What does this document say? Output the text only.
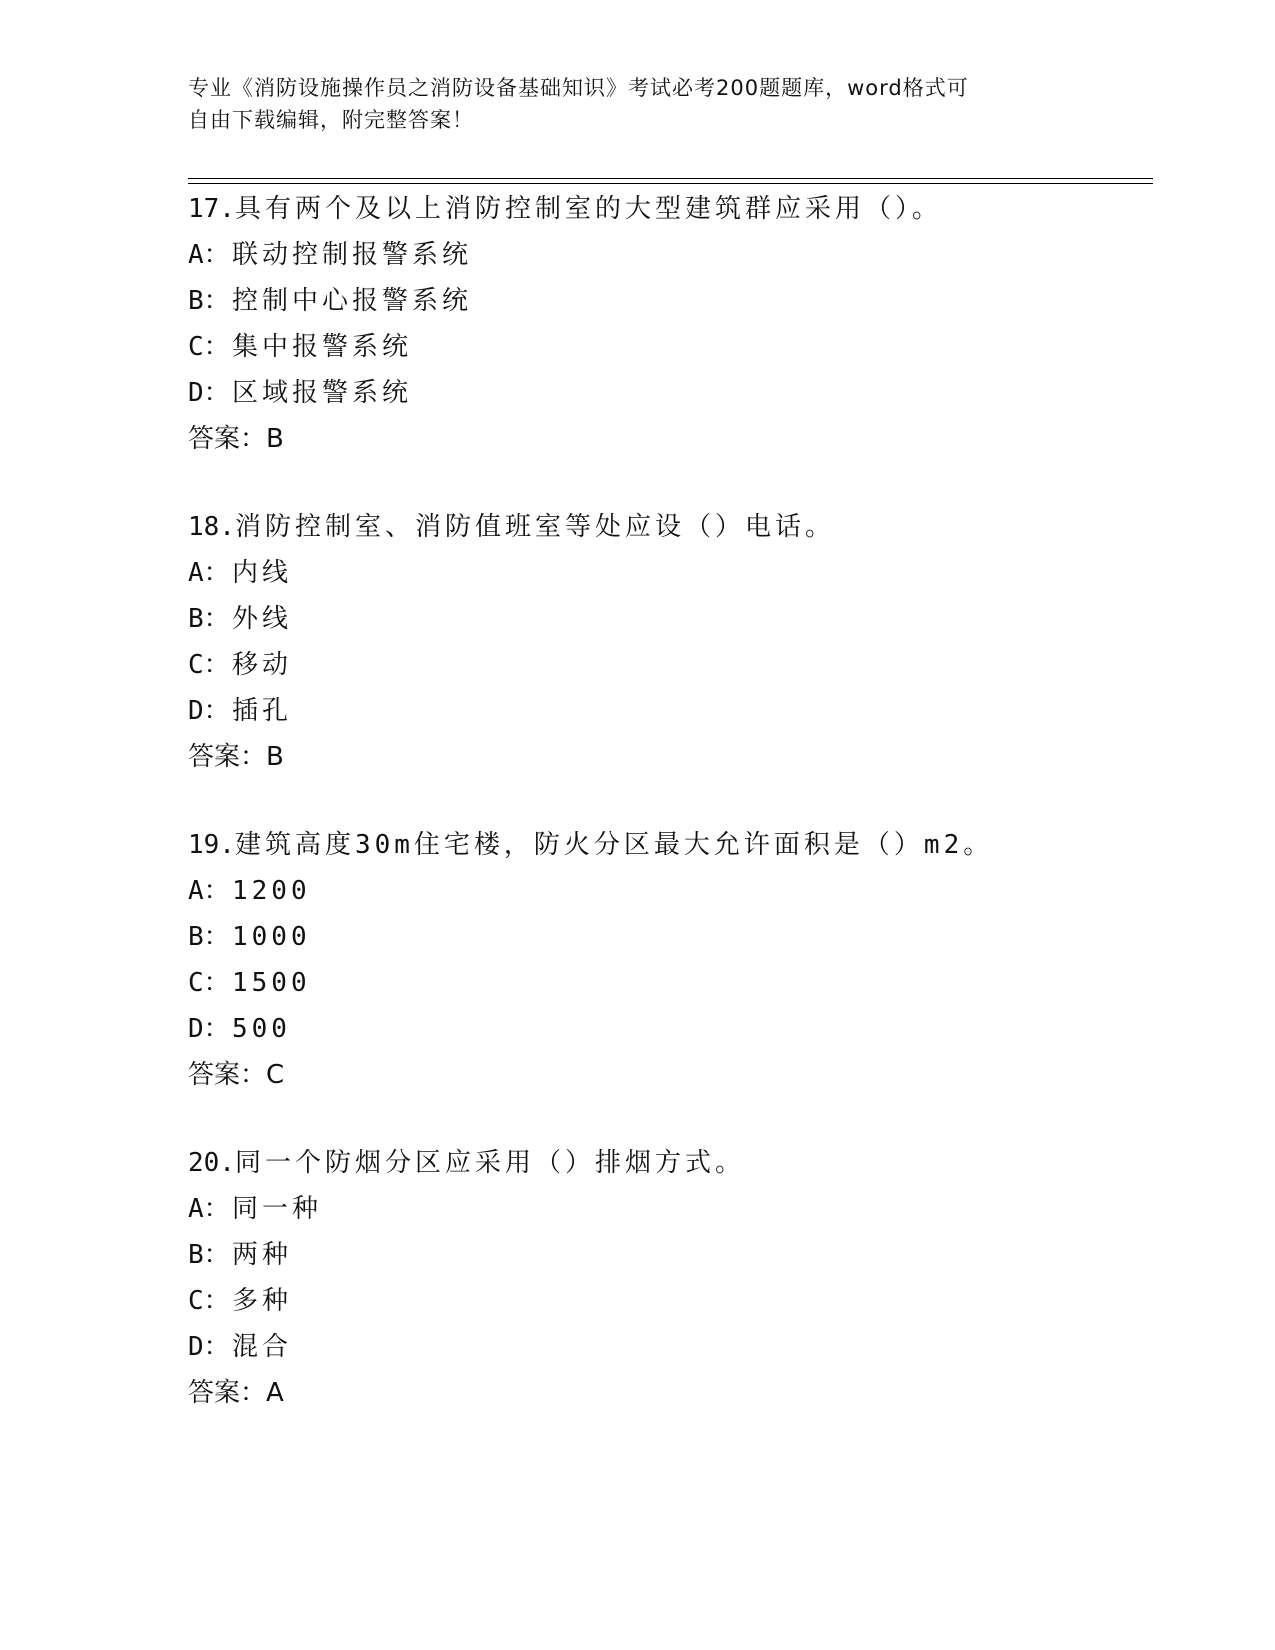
专业《消防设施操作员之消防设备基础知识》考试必考200题题库，word格式可
自由下载编辑，附完整答案！
17.具有两个及以上消防控制室的大型建筑群应采用（）。
A：联动控制报警系统
B：控制中心报警系统
C：集中报警系统
D：区域报警系统
答案：B
18.消防控制室、消防值班室等处应设（）电话。
A：内线
B：外线
C：移动
D：插孔
答案：B
19.建筑高度30m住宅楼，防火分区最大允许面积是（）m2。
A：1200
B：1000
C：1500
D：500
答案：C
20.同一个防烟分区应采用（）排烟方式。
A：同一种
B：两种
C：多种
D：混合
答案：A
